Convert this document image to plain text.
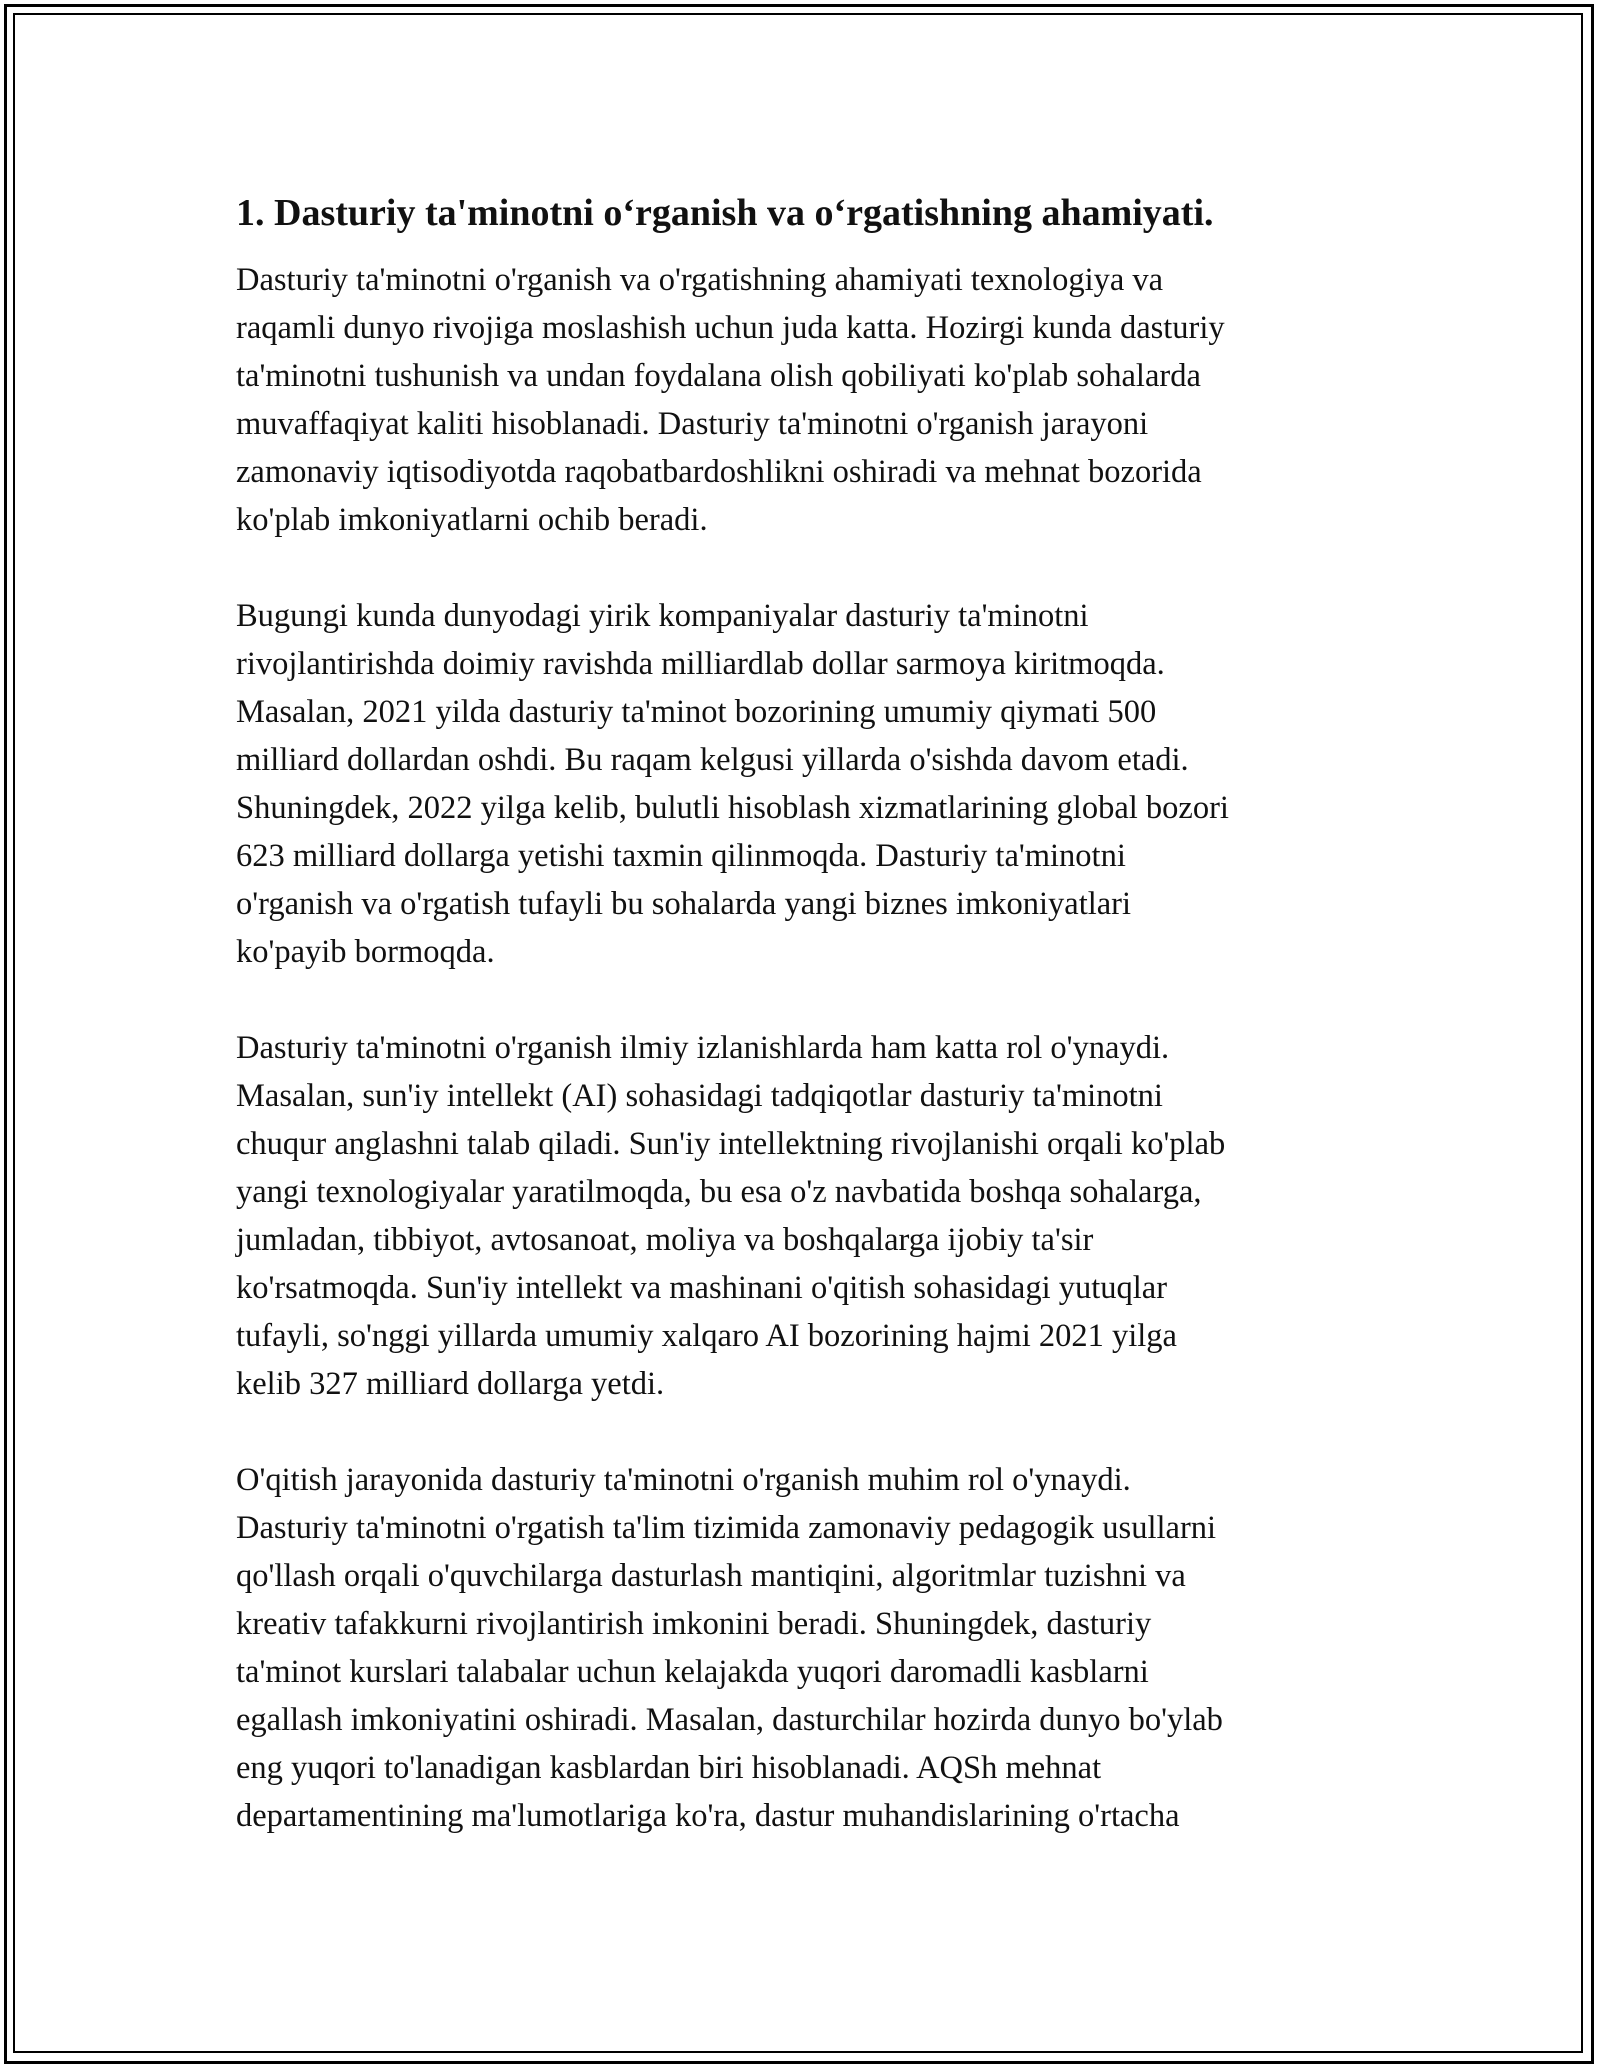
1. Dasturiy ta'minotni o‘rganish va o‘rgatishning ahamiyati.
Dasturiy ta'minotni o'rganish va o'rgatishning ahamiyati texnologiya va
raqamli dunyo rivojiga moslashish uchun juda katta. Hozirgi kunda dasturiy
ta'minotni tushunish va undan foydalana olish qobiliyati ko'plab sohalarda
muvaffaqiyat kaliti hisoblanadi. Dasturiy ta'minotni o'rganish jarayoni
zamonaviy iqtisodiyotda raqobatbardoshlikni oshiradi va mehnat bozorida
ko'plab imkoniyatlarni ochib beradi.
Bugungi kunda dunyodagi yirik kompaniyalar dasturiy ta'minotni
rivojlantirishda doimiy ravishda milliardlab dollar sarmoya kiritmoqda.
Masalan, 2021 yilda dasturiy ta'minot bozorining umumiy qiymati 500
milliard dollardan oshdi. Bu raqam kelgusi yillarda o'sishda davom etadi.
Shuningdek, 2022 yilga kelib, bulutli hisoblash xizmatlarining global bozori
623 milliard dollarga yetishi taxmin qilinmoqda. Dasturiy ta'minotni
o'rganish va o'rgatish tufayli bu sohalarda yangi biznes imkoniyatlari
ko'payib bormoqda.
Dasturiy ta'minotni o'rganish ilmiy izlanishlarda ham katta rol o'ynaydi.
Masalan, sun'iy intellekt (AI) sohasidagi tadqiqotlar dasturiy ta'minotni
chuqur anglashni talab qiladi. Sun'iy intellektning rivojlanishi orqali ko'plab
yangi texnologiyalar yaratilmoqda, bu esa o'z navbatida boshqa sohalarga,
jumladan, tibbiyot, avtosanoat, moliya va boshqalarga ijobiy ta'sir
ko'rsatmoqda. Sun'iy intellekt va mashinani o'qitish sohasidagi yutuqlar
tufayli, so'nggi yillarda umumiy xalqaro AI bozorining hajmi 2021 yilga
kelib 327 milliard dollarga yetdi.
O'qitish jarayonida dasturiy ta'minotni o'rganish muhim rol o'ynaydi.
Dasturiy ta'minotni o'rgatish ta'lim tizimida zamonaviy pedagogik usullarni
qo'llash orqali o'quvchilarga dasturlash mantiqini, algoritmlar tuzishni va
kreativ tafakkurni rivojlantirish imkonini beradi. Shuningdek, dasturiy
ta'minot kurslari talabalar uchun kelajakda yuqori daromadli kasblarni
egallash imkoniyatini oshiradi. Masalan, dasturchilar hozirda dunyo bo'ylab
eng yuqori to'lanadigan kasblardan biri hisoblanadi. AQSh mehnat
departamentining ma'lumotlariga ko'ra, dastur muhandislarining o'rtacha
